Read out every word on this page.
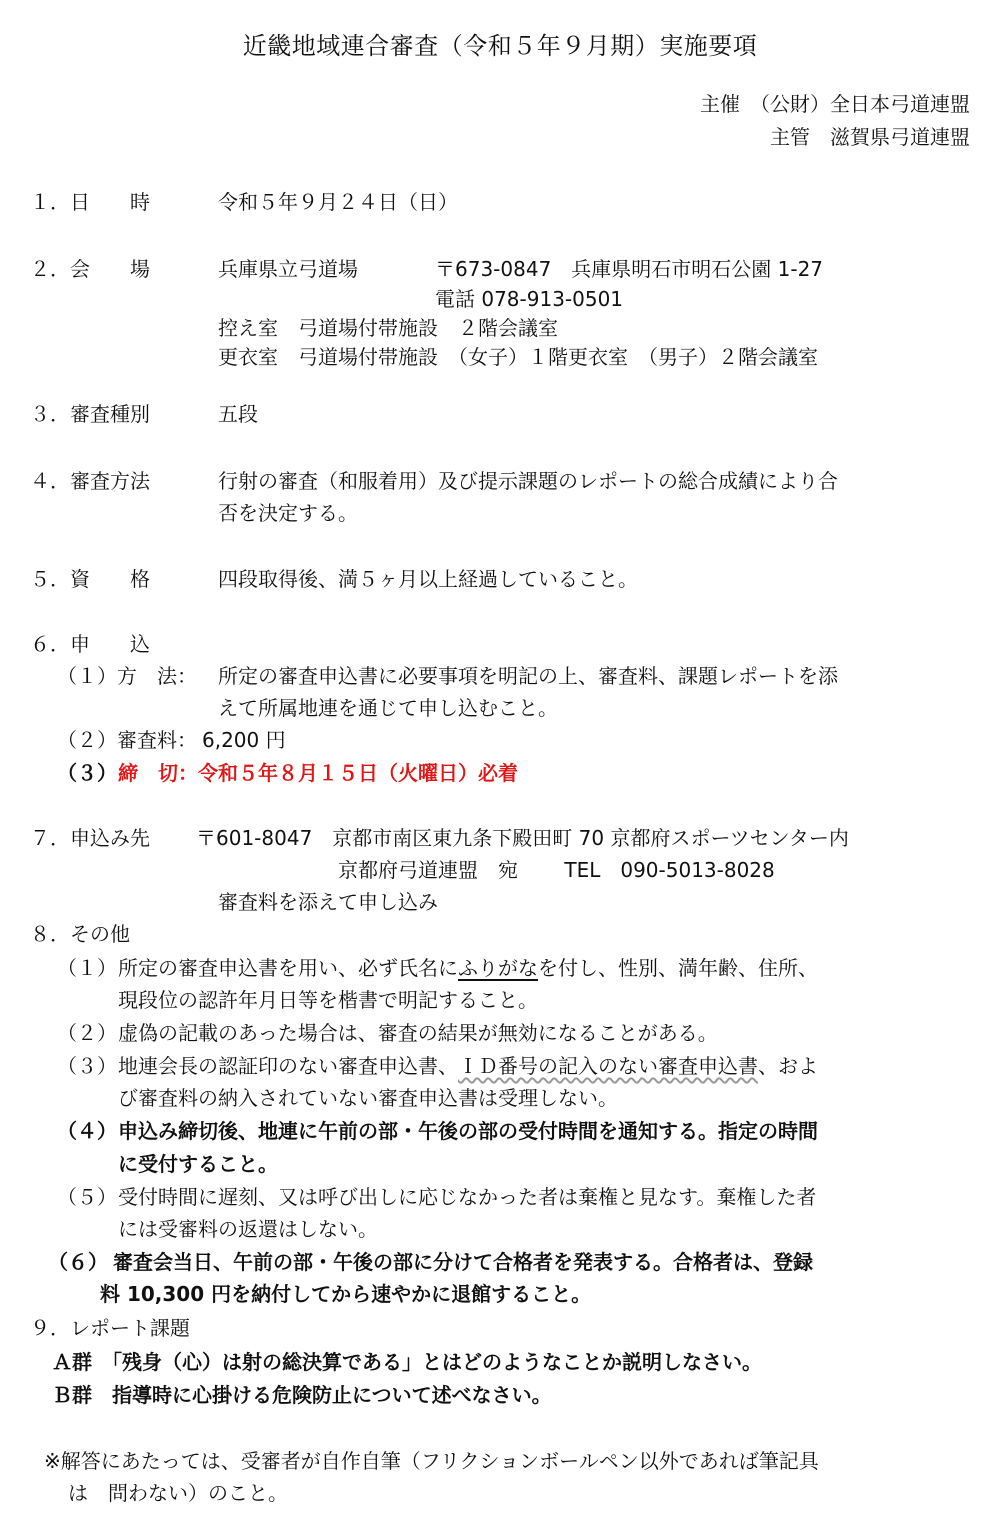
近畿地域連合審査（令和５年９月期）実施要項
主催　（公財）全日本弓道連盟
主管　滋賀県弓道連盟
１．日　　時	令和５年９月２４日（日）
２．会　　場	兵庫県立弓道場	〒673-0847　兵庫県明石市明石公園 1-27
電話 078-913-0501
控え室　弓道場付帯施設　２階会議室
更衣室　弓道場付帯施設　（女子）１階更衣室　（男子）２階会議室
３．審査種別	五段
４．審査方法	行射の審査（和服着用）及び提示課題のレポートの総合成績により合
否を決定する。
５．資　　格	四段取得後、満５ヶ月以上経過していること。
６．申　　込
（１）方　法： 所定の審査申込書に必要事項を明記の上、審査料、課題レポートを添
えて所属地連を通じて申し込むこと。
（２）審査料： 6,200 円
（３） 締　切：令和５年８月１５日（火曜日）必着
７．申込み先 〒601-8047　京都市南区東九条下殿田町 70 京都府スポーツセンター内
京都府弓道連盟　宛　　 TEL　090-5013-8028
審査料を添えて申し込み
８．その他
（１） 所定の審査申込書を用い、必ず氏名にふりがなを付し、性別、満年齢、住所、
現段位の認許年月日等を楷書で明記すること。
（２） 虚偽の記載のあった場合は、審査の結果が無効になることがある。
（３） 地連会長の認証印のない審査申込書、ＩＤ番号の記入のない審査申込書、およ
び審査料の納入されていない審査申込書は受理しない。
（４） 申込み締切後、地連に午前の部・午後の部の受付時間を通知する。指定の時間
に受付すること。
（５） 受付時間に遅刻、又は呼び出しに応じなかった者は棄権と見なす。棄権した者
には受審料の返還はしない。
（６） 審査会当日、午前の部・午後の部に分けて合格者を発表する。合格者は、登録
料 10,300 円を納付してから速やかに退館すること。
９．レポート課題
Ａ群　「残身（心）は射の総決算である」とはどのようなことか説明しなさい。
Ｂ群　指導時に心掛ける危険防止について述べなさい。
※解答にあたっては、受審者が自作自筆（フリクションボールペン以外であれば筆記具
は　問わない）のこと。
